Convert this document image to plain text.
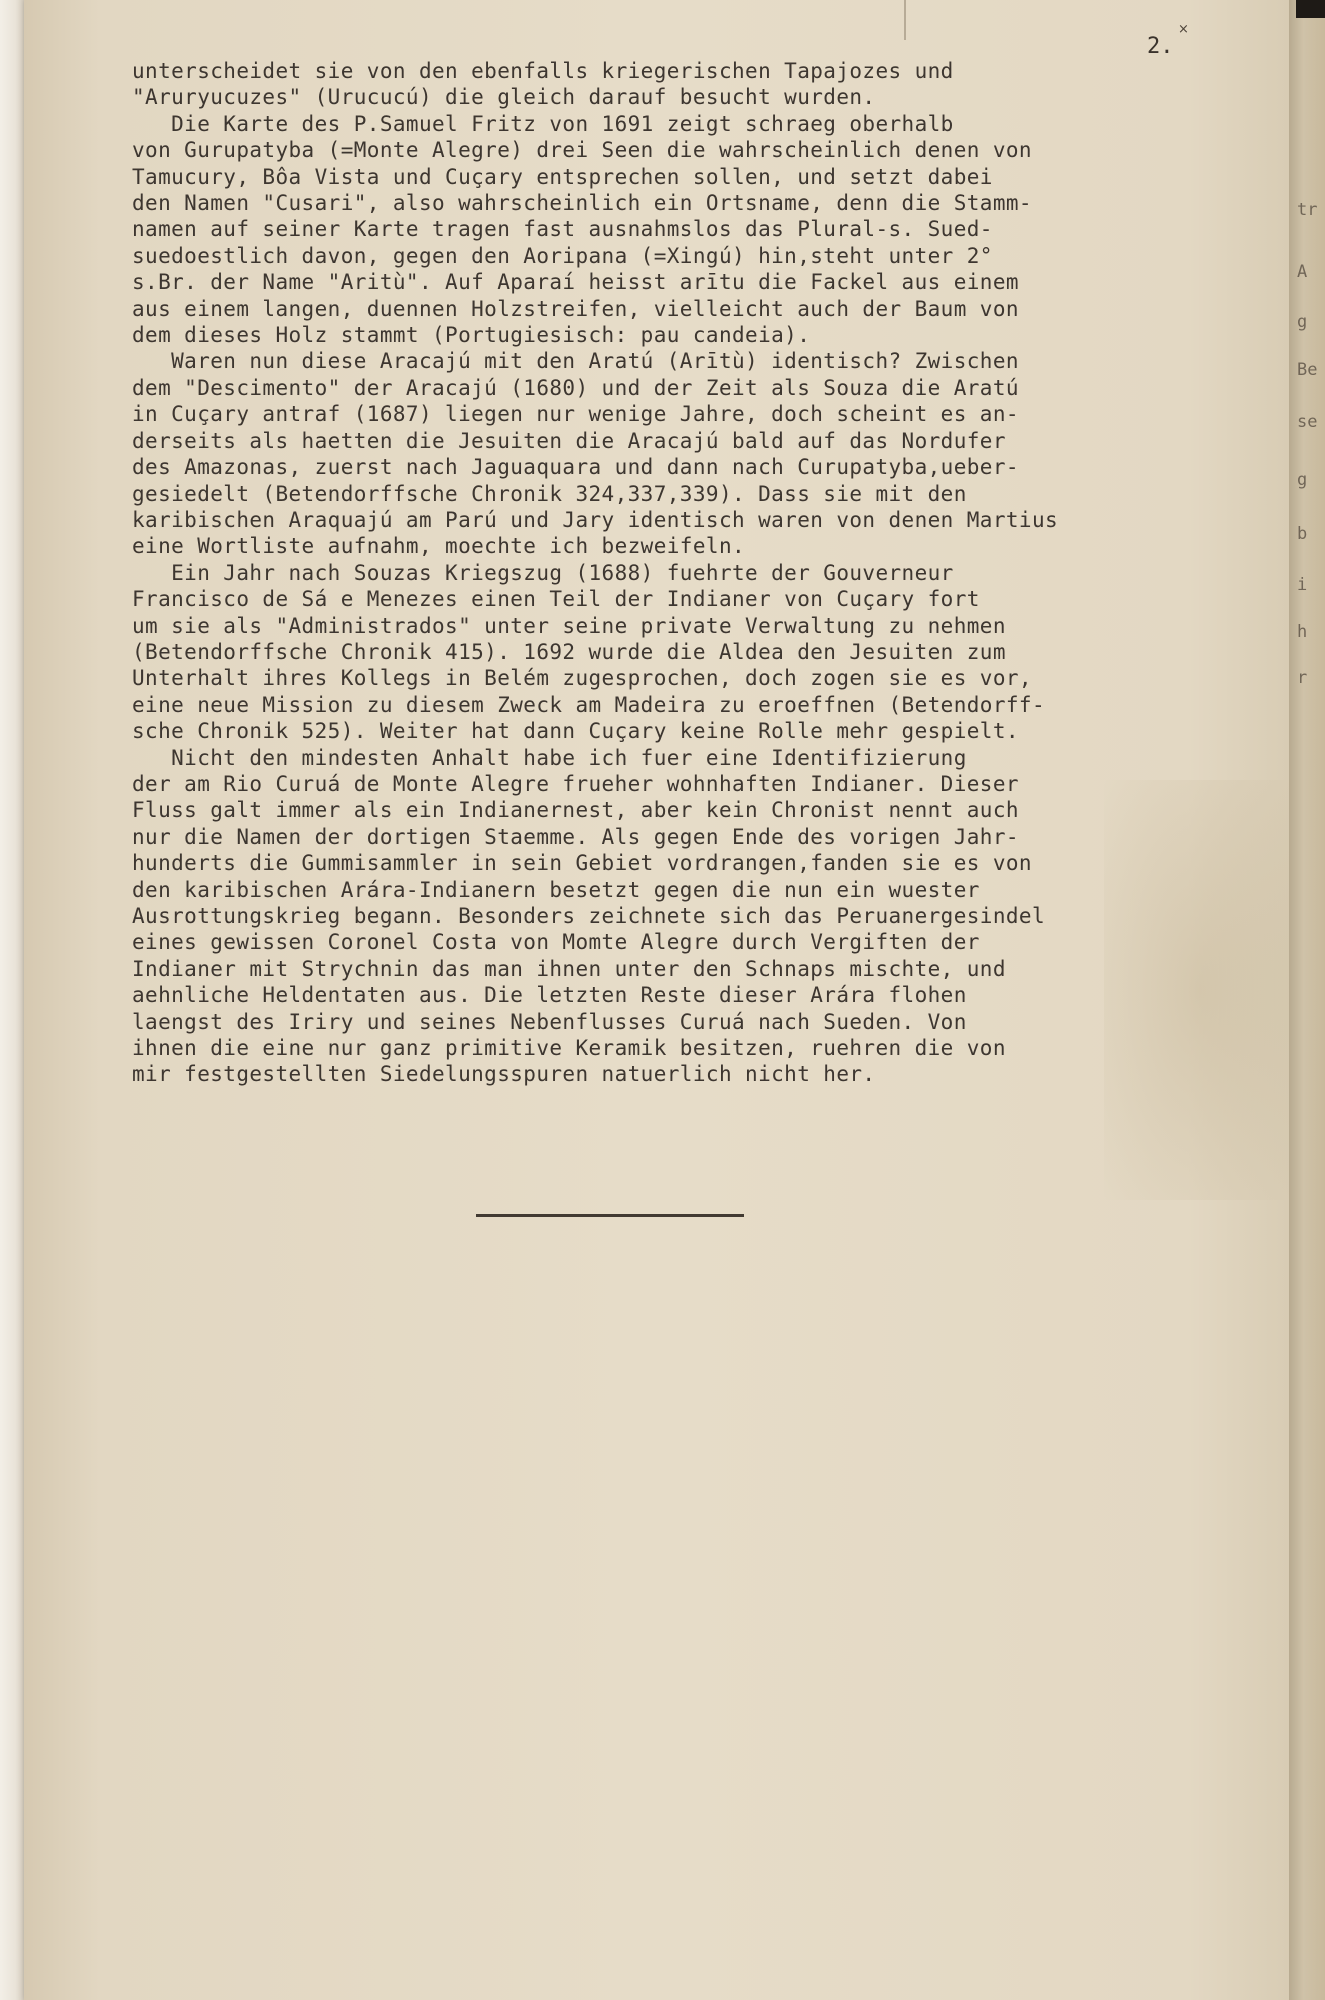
2.
×
unterscheidet sie von den ebenfalls kriegerischen Tapajozes und
"Aruryucuzes" (Urucucú) die gleich darauf besucht wurden.
Die Karte des P.Samuel Fritz von 1691 zeigt schraeg oberhalb
von Gurupatyba (=Monte Alegre) drei Seen die wahrscheinlich denen von
Tamucury, Bôa Vista und Cuçary entsprechen sollen, und setzt dabei
den Namen "Cusari", also wahrscheinlich ein Ortsname, denn die Stamm-
namen auf seiner Karte tragen fast ausnahmslos das Plural-s. Sued-
suedoestlich davon, gegen den Aoripana (=Xingú) hin,steht unter 2°
s.Br. der Name "Aritù". Auf Aparaí heisst arītu die Fackel aus einem
aus einem langen, duennen Holzstreifen, vielleicht auch der Baum von
dem dieses Holz stammt (Portugiesisch: pau candeia).
Waren nun diese Aracajú mit den Aratú (Arītù) identisch? Zwischen
dem "Descimento" der Aracajú (1680) und der Zeit als Souza die Aratú
in Cuçary antraf (1687) liegen nur wenige Jahre, doch scheint es an-
derseits als haetten die Jesuiten die Aracajú bald auf das Nordufer
des Amazonas, zuerst nach Jaguaquara und dann nach Curupatyba,ueber-
gesiedelt (Betendorffsche Chronik 324,337,339). Dass sie mit den
karibischen Araquajú am Parú und Jary identisch waren von denen Martius
eine Wortliste aufnahm, moechte ich bezweifeln.
Ein Jahr nach Souzas Kriegszug (1688) fuehrte der Gouverneur
Francisco de Sá e Menezes einen Teil der Indianer von Cuçary fort
um sie als "Administrados" unter seine private Verwaltung zu nehmen
(Betendorffsche Chronik 415). 1692 wurde die Aldea den Jesuiten zum
Unterhalt ihres Kollegs in Belém zugesprochen, doch zogen sie es vor,
eine neue Mission zu diesem Zweck am Madeira zu eroeffnen (Betendorff-
sche Chronik 525). Weiter hat dann Cuçary keine Rolle mehr gespielt.
Nicht den mindesten Anhalt habe ich fuer eine Identifizierung
der am Rio Curuá de Monte Alegre frueher wohnhaften Indianer. Dieser
Fluss galt immer als ein Indianernest, aber kein Chronist nennt auch
nur die Namen der dortigen Staemme. Als gegen Ende des vorigen Jahr-
hunderts die Gummisammler in sein Gebiet vordrangen,fanden sie es von
den karibischen Arára-Indianern besetzt gegen die nun ein wuester
Ausrottungskrieg begann. Besonders zeichnete sich das Peruanergesindel
eines gewissen Coronel Costa von Momte Alegre durch Vergiften der
Indianer mit Strychnin das man ihnen unter den Schnaps mischte, und
aehnliche Heldentaten aus. Die letzten Reste dieser Arára flohen
laengst des Iriry und seines Nebenflusses Curuá nach Sueden. Von
ihnen die eine nur ganz primitive Keramik besitzen, ruehren die von
mir festgestellten Siedelungsspuren natuerlich nicht her.
tr
A
g
Be
se
g
b
i
h
r
